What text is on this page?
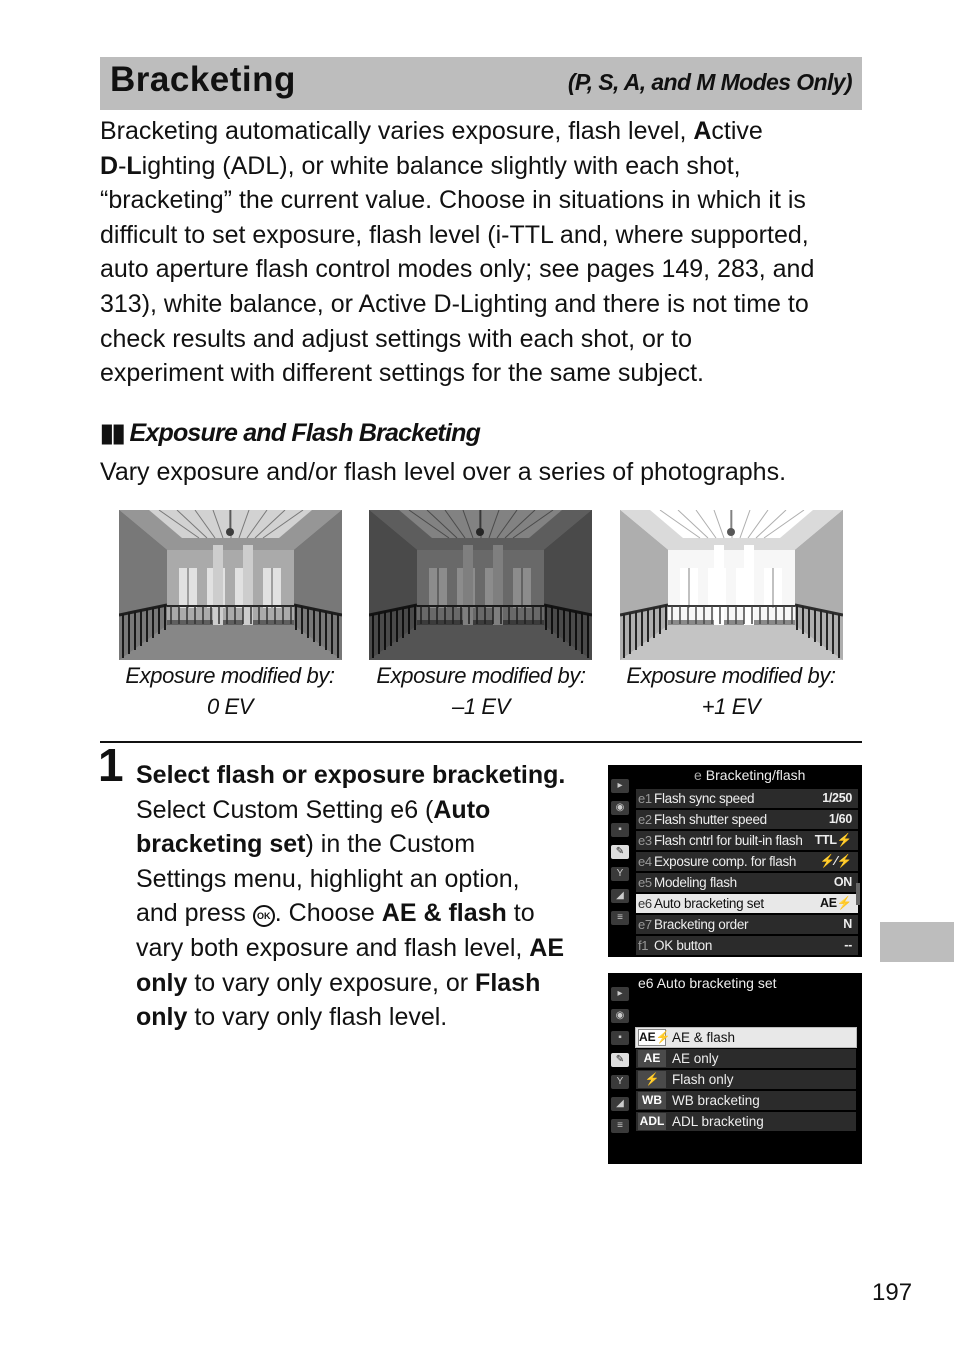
Bracketing	(P, S, A, and M Modes Only)

Bracketing automatically varies exposure, flash level, Active

D-Lighting (ADL), or white balance slightly with each shot,

“bracketing” the current value. Choose in situations in which it is

difficult to set exposure, flash level (i-TTL and, where supported,

auto aperture flash control modes only; see pages 149, 283, and

313), white balance, or Active D-Lighting and there is not time to

check results and adjust settings with each shot, or to

experiment with different settings for the same subject.

▮▮ Exposure and Flash Bracketing
Vary exposure and/or flash level over a series of photographs.
Exposure modified by:
0 EV
Exposure modified by:
–1 EV
Exposure modified by:
+1 EV
1 Select flash or exposure bracketing.
Select Custom Setting e6 (Auto
bracketing set) in the Custom
Settings menu, highlight an option,
and press OK . Choose AE & flash to
vary both exposure and flash level, AE
only to vary only exposure, or Flash
only to vary only flash level.
▸
◉
▪
✎
Y
◢
≡
e Bracketing/flash
e1 Flash sync speed	1/250
e2 Flash shutter speed	1/60
e3 Flash cntrl for built-in flash TTL⚡
e4 Exposure comp. for flash ⚡⁄⚡
e5 Modeling flash	ON
e6 Auto bracketing set	AE⚡
e7 Bracketing order	N
f1 OK button	--
▸
◉
▪
✎
Y
◢
≡
e6 Auto bracketing set
AE⚡ AE & flash
AE AE only
⚡ Flash only
WB WB bracketing
ADL ADL bracketing
197
